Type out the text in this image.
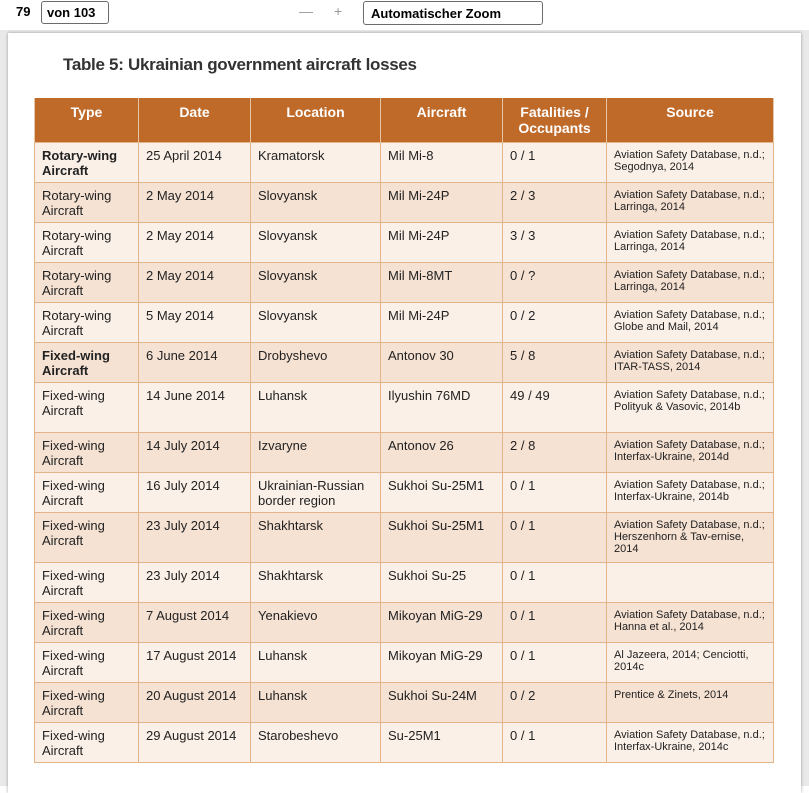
79	von 103	— +	Automatischer Zoom
Table 5: Ukrainian government aircraft losses
Type	Date	Location	Aircraft	Fatalities /
Occupants	Source
Rotary-wing
Aircraft	25 April 2014	Kramatorsk	Mil Mi-8	0 / 1	Aviation Safety Database, n.d.; Segodnya, 2014
Rotary-wing
Aircraft	2 May 2014	Slovyansk	Mil Mi-24P	2 / 3	Aviation Safety Database, n.d.; Larringa, 2014
Rotary-wing
Aircraft	2 May 2014	Slovyansk	Mil Mi-24P	3 / 3	Aviation Safety Database, n.d.; Larringa, 2014
Rotary-wing
Aircraft	2 May 2014	Slovyansk	Mil Mi-8MT	0 / ?	Aviation Safety Database, n.d.; Larringa, 2014
Rotary-wing
Aircraft	5 May 2014	Slovyansk	Mil Mi-24P	0 / 2	Aviation Safety Database, n.d.; Globe and Mail, 2014
Fixed-wing
Aircraft	6 June 2014	Drobyshevo	Antonov 30	5 / 8	Aviation Safety Database, n.d.; ITAR-TASS, 2014
Fixed-wing
Aircraft	14 June 2014	Luhansk	Ilyushin 76MD	49 / 49	Aviation Safety Database, n.d.; Polityuk & Vasovic, 2014b
Fixed-wing
Aircraft	14 July 2014	Izvaryne	Antonov 26	2 / 8	Aviation Safety Database, n.d.; Interfax-Ukraine, 2014d
Fixed-wing
Aircraft	16 July 2014	Ukrainian-Russian border region	Sukhoi Su-25M1	0 / 1	Aviation Safety Database, n.d.; Interfax-Ukraine, 2014b
Fixed-wing
Aircraft	23 July 2014	Shakhtarsk	Sukhoi Su-25M1	0 / 1	Aviation Safety Database, n.d.; Herszenhorn & Tav-ernise, 2014
Fixed-wing
Aircraft	23 July 2014	Shakhtarsk	Sukhoi Su-25	0 / 1	
Fixed-wing
Aircraft	7 August 2014	Yenakievo	Mikoyan MiG-29	0 / 1	Aviation Safety Database, n.d.; Hanna et al., 2014
Fixed-wing
Aircraft	17 August 2014	Luhansk	Mikoyan MiG-29	0 / 1	Al Jazeera, 2014; Cenciotti, 2014c
Fixed-wing
Aircraft	20 August 2014	Luhansk	Sukhoi Su-24M	0 / 2	Prentice & Zinets, 2014
Fixed-wing
Aircraft	29 August 2014	Starobeshevo	Su-25M1	0 / 1	Aviation Safety Database, n.d.; Interfax-Ukraine, 2014c
